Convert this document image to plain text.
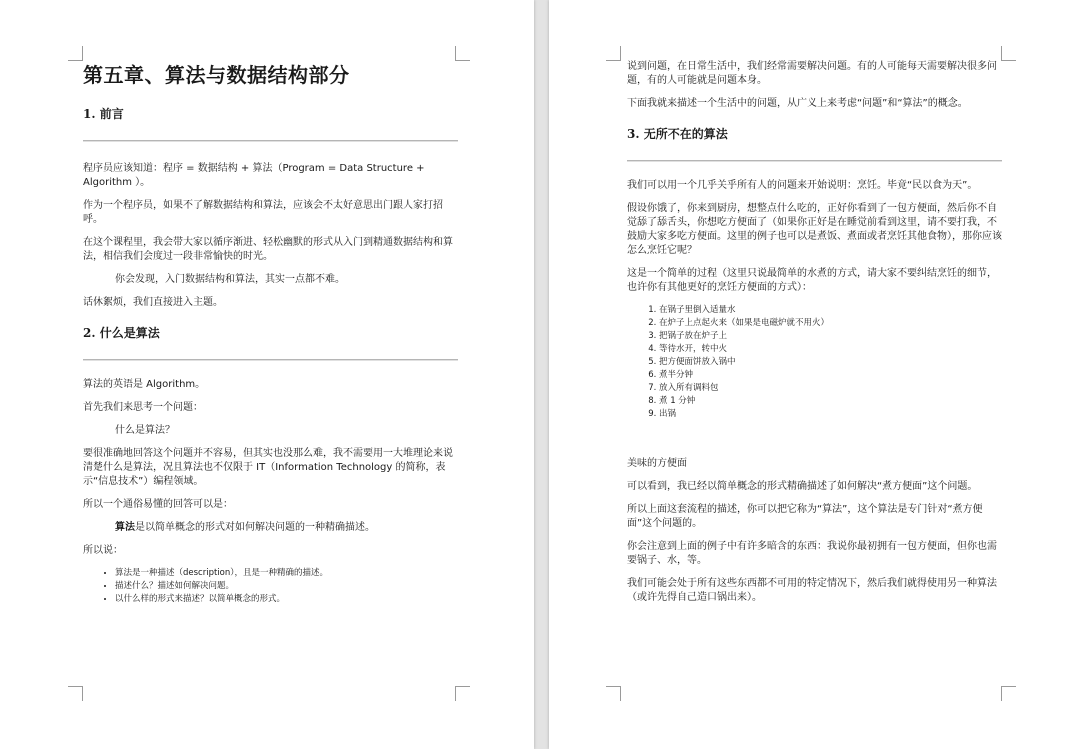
第五章、算法与数据结构部分
1. 前言

程序员应该知道：程序 = 数据结构 + 算法（Program = Data Structure + Algorithm ）。

作为一个程序员，如果不了解数据结构和算法，应该会不太好意思出门跟人家打招呼。

在这个课程里，我会带大家以循序渐进、轻松幽默的形式从入门到精通数据结构和算法，相信我们会度过一段非常愉快的时光。

你会发现，入门数据结构和算法，其实一点都不难。

话休絮烦，我们直接进入主题。

2. 什么是算法

算法的英语是 Algorithm。

首先我们来思考一个问题：

什么是算法？

要很准确地回答这个问题并不容易，但其实也没那么难，我不需要用一大堆理论来说清楚什么是算法，况且算法也不仅限于 IT（Information Technology 的简称，表示“信息技术”）编程领域。

所以一个通俗易懂的回答可以是：

算法是以简单概念的形式对如何解决问题的一种精确描述。

所以说：

• 算法是一种描述（description），且是一种精确的描述。
• 描述什么？描述如何解决问题。
• 以什么样的形式来描述？以简单概念的形式。

说到问题，在日常生活中，我们经常需要解决问题。有的人可能每天需要解决很多问题，有的人可能就是问题本身。

下面我就来描述一个生活中的问题，从广义上来考虑“问题”和“算法”的概念。

3. 无所不在的算法

我们可以用一个几乎关乎所有人的问题来开始说明：烹饪。毕竟“民以食为天”。

假设你饿了，你来到厨房，想整点什么吃的，正好你看到了一包方便面，然后你不自觉舔了舔舌头，你想吃方便面了（如果你正好是在睡觉前看到这里，请不要打我，不鼓励大家多吃方便面。这里的例子也可以是煮饭、煮面或者烹饪其他食物），那你应该怎么烹饪它呢？

这是一个简单的过程（这里只说最简单的水煮的方式，请大家不要纠结烹饪的细节，也许你有其他更好的烹饪方便面的方式）：

1. 在锅子里倒入适量水
2. 在炉子上点起火来（如果是电磁炉就不用火）
3. 把锅子放在炉子上
4. 等待水开，转中火
5. 把方便面饼放入锅中
6. 煮半分钟
7. 放入所有调料包
8. 煮 1 分钟
9. 出锅

美味的方便面

可以看到，我已经以简单概念的形式精确描述了如何解决“煮方便面”这个问题。

所以上面这套流程的描述，你可以把它称为“算法”，这个算法是专门针对“煮方便面”这个问题的。

你会注意到上面的例子中有许多暗含的东西：我说你最初拥有一包方便面，但你也需要锅子、水，等。

我们可能会处于所有这些东西都不可用的特定情况下，然后我们就得使用另一种算法（或许先得自己造口锅出来）。
